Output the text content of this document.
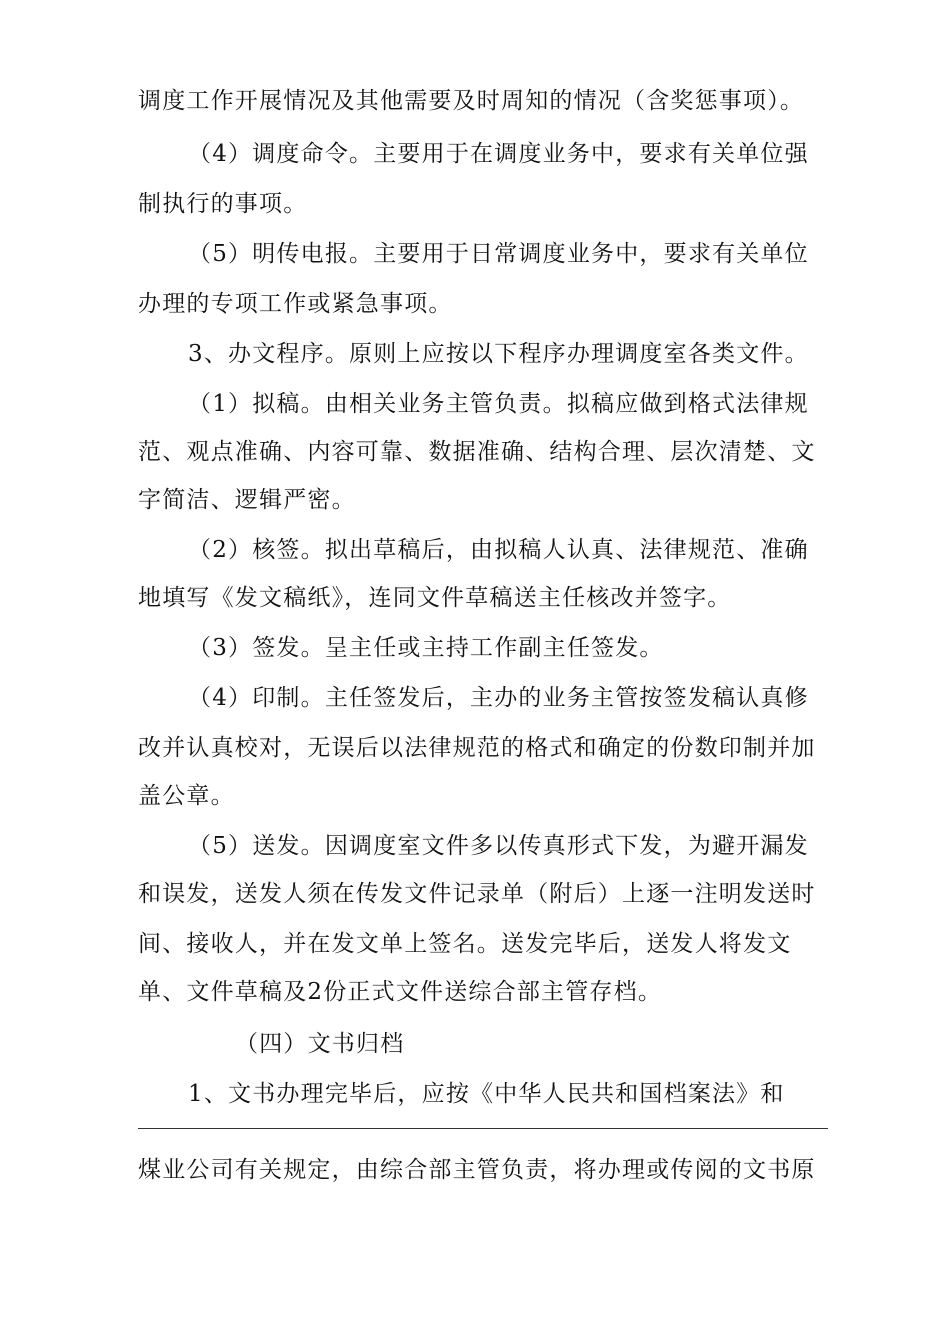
调度工作开展情况及其他需要及时周知的情况（含奖惩事项）。
（4）调度命令。主要用于在调度业务中，要求有关单位强
制执行的事项。
（5）明传电报。主要用于日常调度业务中，要求有关单位
办理的专项工作或紧急事项。
3、办文程序。原则上应按以下程序办理调度室各类文件。
（1）拟稿。由相关业务主管负责。拟稿应做到格式法律规
范、观点准确、内容可靠、数据准确、结构合理、层次清楚、文
字简洁、逻辑严密。
（2）核签。拟出草稿后，由拟稿人认真、法律规范、准确
地填写《发文稿纸》，连同文件草稿送主任核改并签字。
（3）签发。呈主任或主持工作副主任签发。
（4）印制。主任签发后，主办的业务主管按签发稿认真修
改并认真校对，无误后以法律规范的格式和确定的份数印制并加
盖公章。
（5）送发。因调度室文件多以传真形式下发，为避开漏发
和误发，送发人须在传发文件记录单（附后）上逐一注明发送时
间、接收人，并在发文单上签名。送发完毕后，送发人将发文
单、文件草稿及2份正式文件送综合部主管存档。
（四）文书归档
1、文书办理完毕后，应按《中华人民共和国档案法》和
煤业公司有关规定，由综合部主管负责，将办理或传阅的文书原
